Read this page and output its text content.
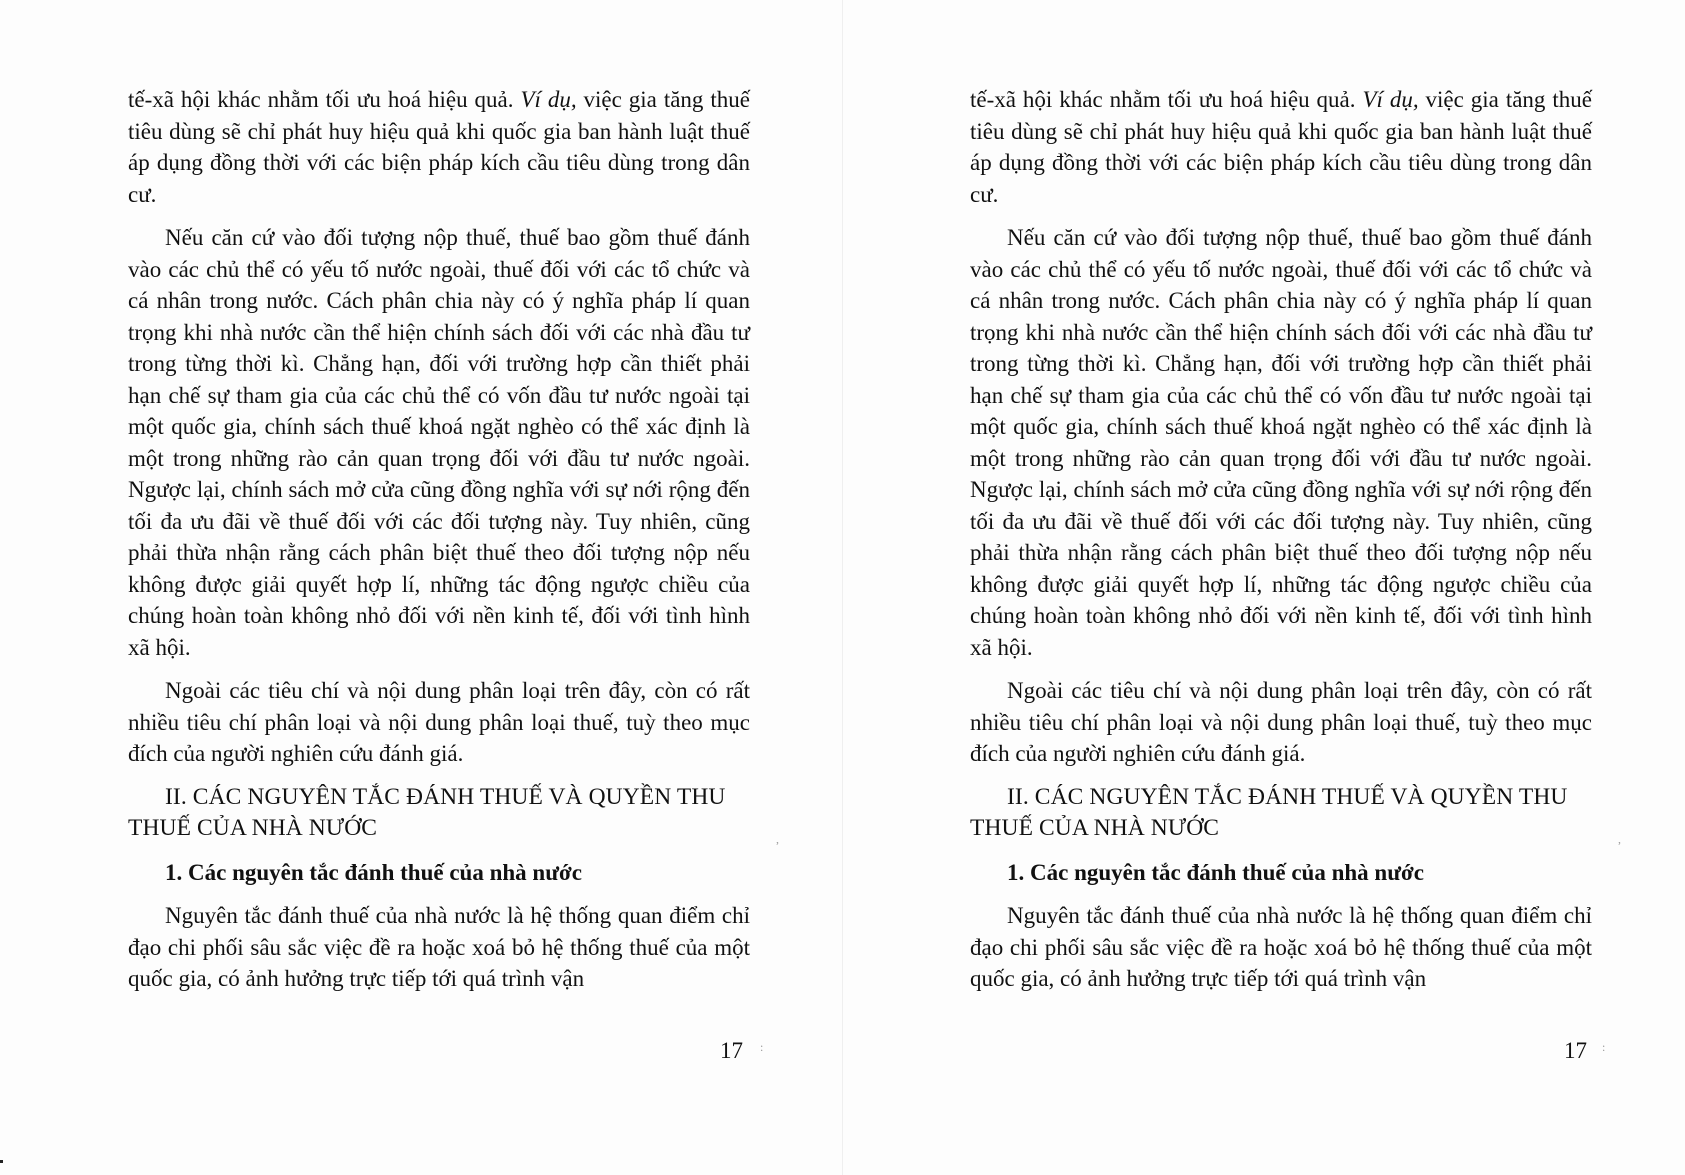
tế-xã hội khác nhằm tối ưu hoá hiệu quả. Ví dụ, việc gia tăng thuế tiêu dùng sẽ chỉ phát huy hiệu quả khi quốc gia ban hành luật thuế áp dụng đồng thời với các biện pháp kích cầu tiêu dùng trong dân cư.

Nếu căn cứ vào đối tượng nộp thuế, thuế bao gồm thuế đánh vào các chủ thể có yếu tố nước ngoài, thuế đối với các tổ chức và cá nhân trong nước. Cách phân chia này có ý nghĩa pháp lí quan trọng khi nhà nước cần thể hiện chính sách đối với các nhà đầu tư trong từng thời kì. Chẳng hạn, đối với trường hợp cần thiết phải hạn chế sự tham gia của các chủ thể có vốn đầu tư nước ngoài tại một quốc gia, chính sách thuế khoá ngặt nghèo có thể xác định là một trong những rào cản quan trọng đối với đầu tư nước ngoài. Ngược lại, chính sách mở cửa cũng đồng nghĩa với sự nới rộng đến tối đa ưu đãi về thuế đối với các đối tượng này. Tuy nhiên, cũng phải thừa nhận rằng cách phân biệt thuế theo đối tượng nộp nếu không được giải quyết hợp lí, những tác động ngược chiều của chúng hoàn toàn không nhỏ đối với nền kinh tế, đối với tình hình xã hội.

Ngoài các tiêu chí và nội dung phân loại trên đây, còn có rất nhiều tiêu chí phân loại và nội dung phân loại thuế, tuỳ theo mục đích của người nghiên cứu đánh giá.

II. CÁC NGUYÊN TẮC ĐÁNH THUẾ VÀ QUYỀN THU THUẾ CỦA NHÀ NƯỚC

1. Các nguyên tắc đánh thuế của nhà nước

Nguyên tắc đánh thuế của nhà nước là hệ thống quan điểm chỉ đạo chi phối sâu sắc việc đề ra hoặc xoá bỏ hệ thống thuế của một quốc gia, có ảnh hưởng trực tiếp tới quá trình vận

,
17 :

tế-xã hội khác nhằm tối ưu hoá hiệu quả. Ví dụ, việc gia tăng thuế tiêu dùng sẽ chỉ phát huy hiệu quả khi quốc gia ban hành luật thuế áp dụng đồng thời với các biện pháp kích cầu tiêu dùng trong dân cư.

Nếu căn cứ vào đối tượng nộp thuế, thuế bao gồm thuế đánh vào các chủ thể có yếu tố nước ngoài, thuế đối với các tổ chức và cá nhân trong nước. Cách phân chia này có ý nghĩa pháp lí quan trọng khi nhà nước cần thể hiện chính sách đối với các nhà đầu tư trong từng thời kì. Chẳng hạn, đối với trường hợp cần thiết phải hạn chế sự tham gia của các chủ thể có vốn đầu tư nước ngoài tại một quốc gia, chính sách thuế khoá ngặt nghèo có thể xác định là một trong những rào cản quan trọng đối với đầu tư nước ngoài. Ngược lại, chính sách mở cửa cũng đồng nghĩa với sự nới rộng đến tối đa ưu đãi về thuế đối với các đối tượng này. Tuy nhiên, cũng phải thừa nhận rằng cách phân biệt thuế theo đối tượng nộp nếu không được giải quyết hợp lí, những tác động ngược chiều của chúng hoàn toàn không nhỏ đối với nền kinh tế, đối với tình hình xã hội.

Ngoài các tiêu chí và nội dung phân loại trên đây, còn có rất nhiều tiêu chí phân loại và nội dung phân loại thuế, tuỳ theo mục đích của người nghiên cứu đánh giá.

II. CÁC NGUYÊN TẮC ĐÁNH THUẾ VÀ QUYỀN THU THUẾ CỦA NHÀ NƯỚC

1. Các nguyên tắc đánh thuế của nhà nước

Nguyên tắc đánh thuế của nhà nước là hệ thống quan điểm chỉ đạo chi phối sâu sắc việc đề ra hoặc xoá bỏ hệ thống thuế của một quốc gia, có ảnh hưởng trực tiếp tới quá trình vận

,
17 :
